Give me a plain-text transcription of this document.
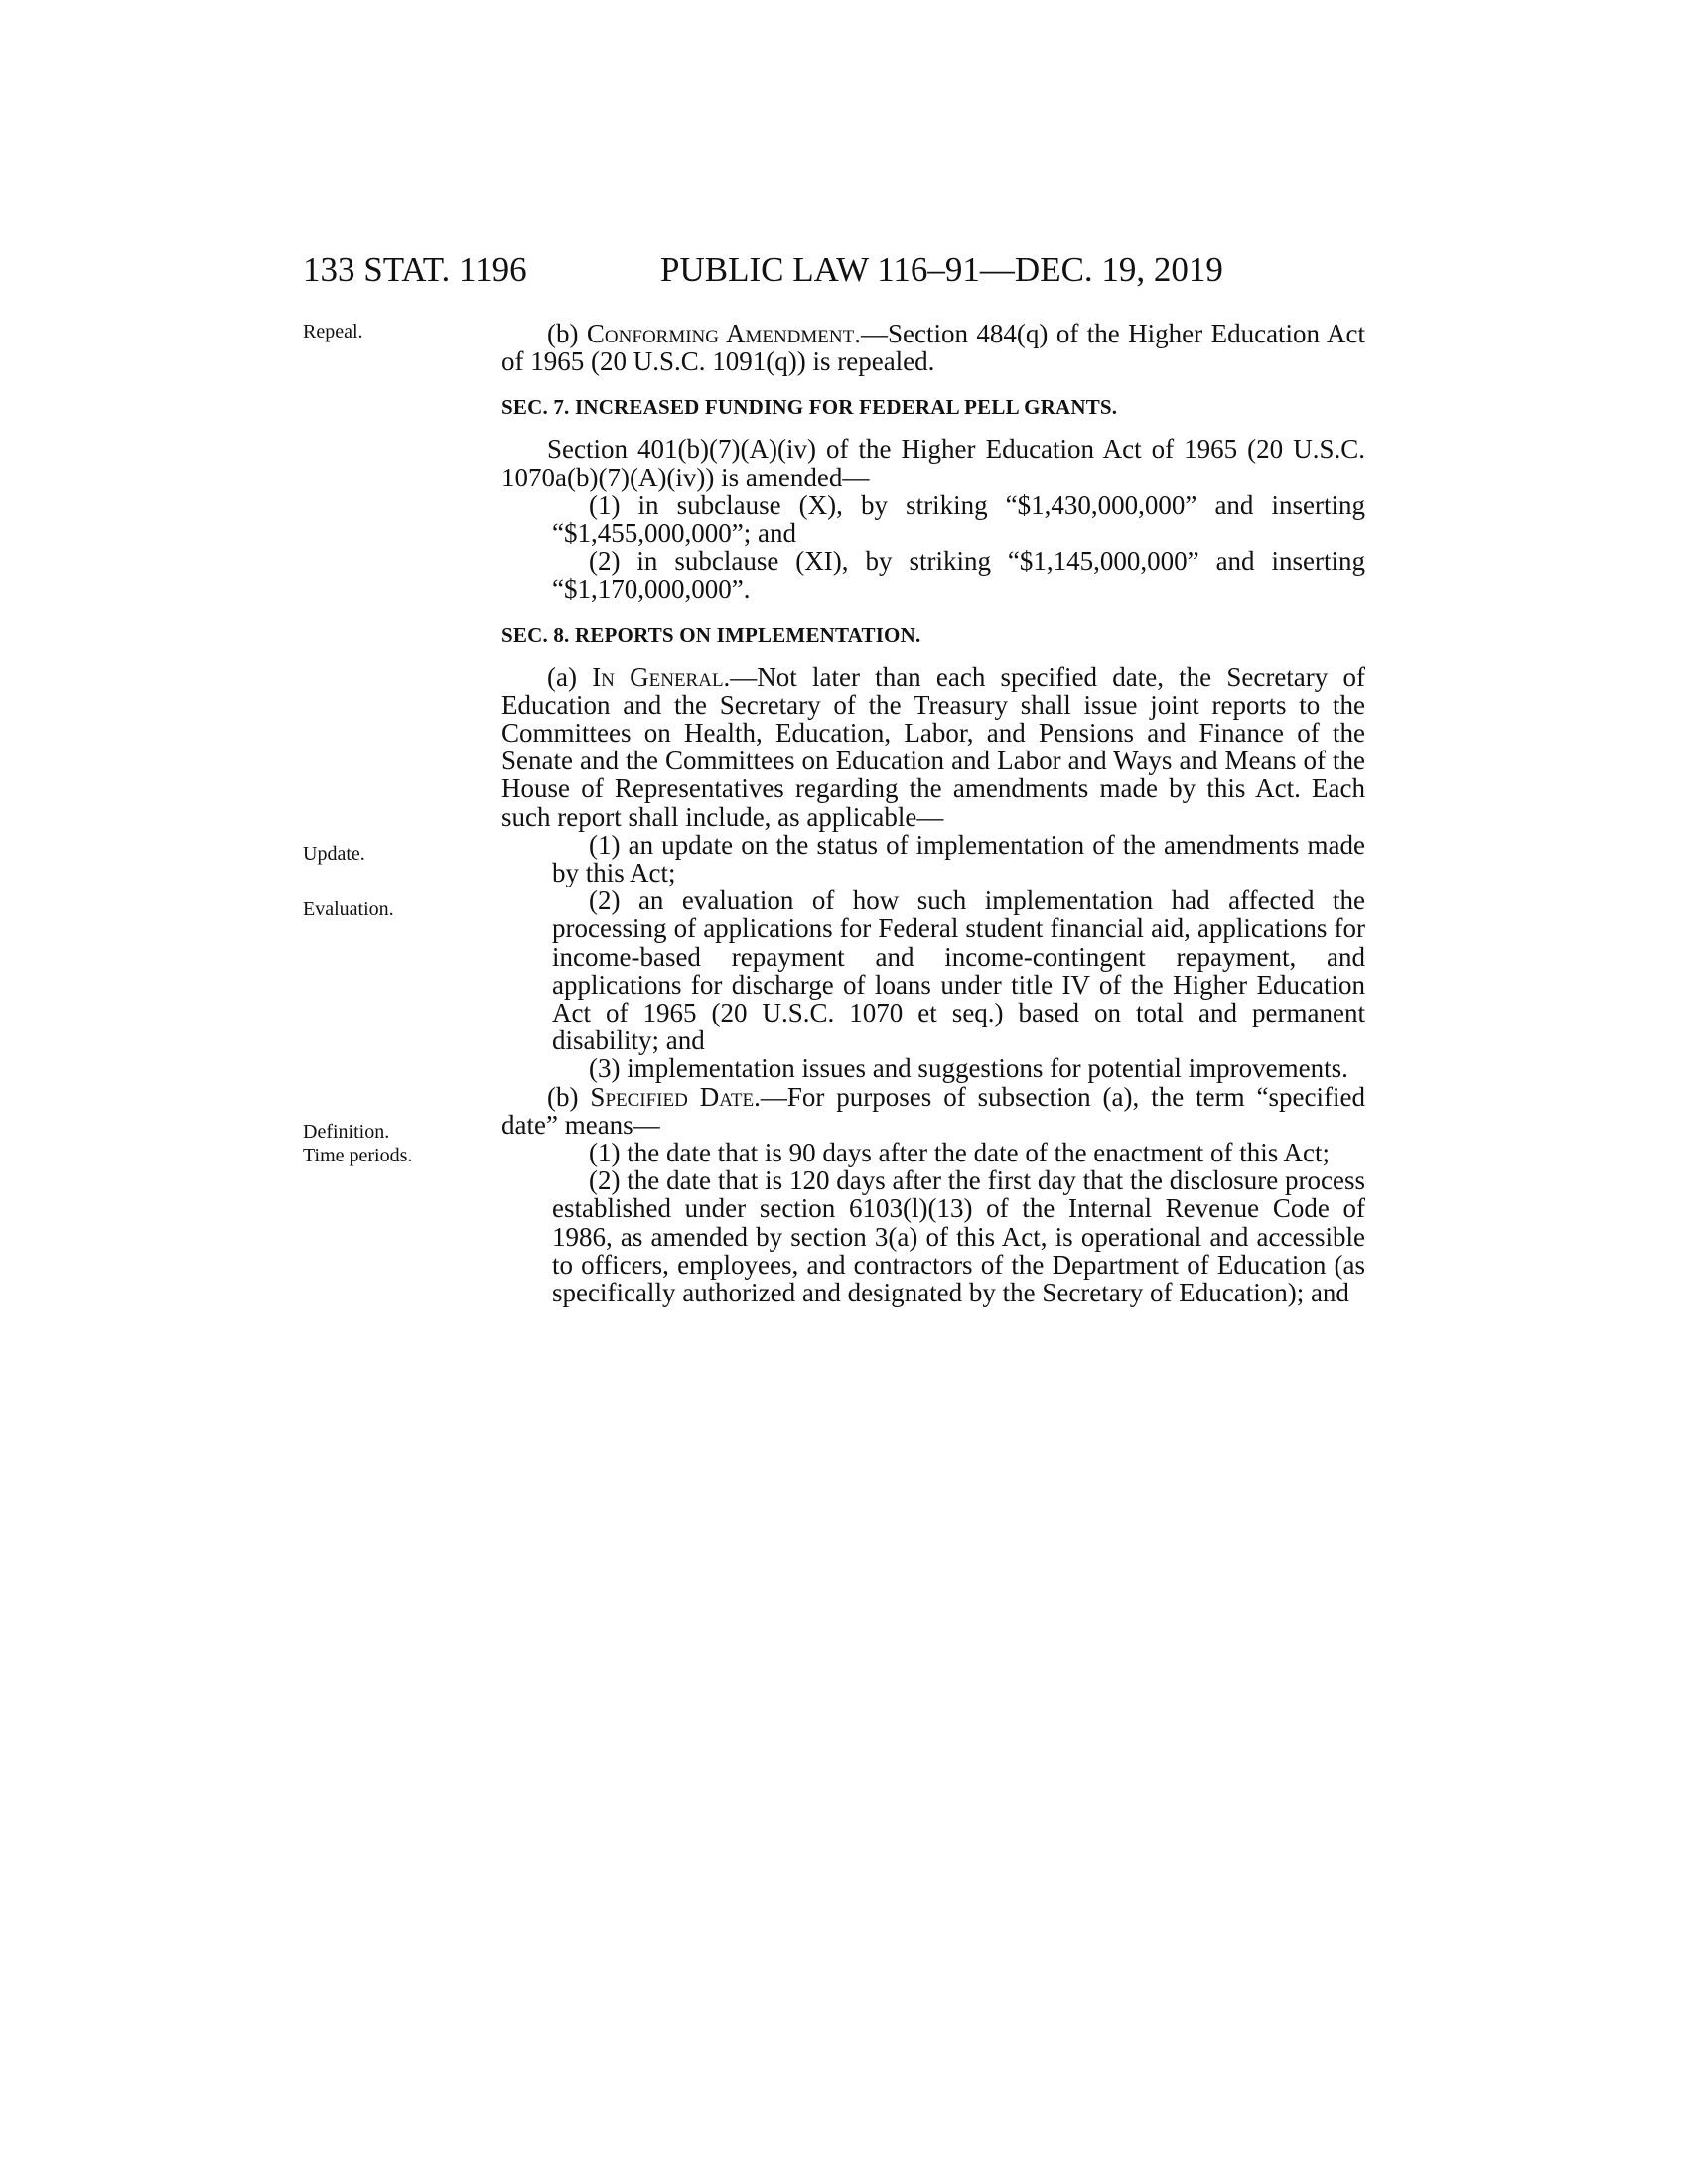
133 STAT. 1196	PUBLIC LAW 116–91—DEC. 19, 2019
Repeal.
Update.
Evaluation.
Definition.
Time periods.

(b) Conforming Amendment.—Section 484(q) of the Higher Education Act of 1965 (20 U.S.C. 1091(q)) is repealed.

SEC. 7. INCREASED FUNDING FOR FEDERAL PELL GRANTS.

Section 401(b)(7)(A)(iv) of the Higher Education Act of 1965 (20 U.S.C. 1070a(b)(7)(A)(iv)) is amended—

(1) in subclause (X), by striking “$1,430,000,000” and inserting “$1,455,000,000”; and

(2) in subclause (XI), by striking “$1,145,000,000” and inserting “$1,170,000,000”.

SEC. 8. REPORTS ON IMPLEMENTATION.

(a) In General.—Not later than each specified date, the Secretary of Education and the Secretary of the Treasury shall issue joint reports to the Committees on Health, Education, Labor, and Pensions and Finance of the Senate and the Committees on Education and Labor and Ways and Means of the House of Representatives regarding the amendments made by this Act. Each such report shall include, as applicable—

(1) an update on the status of implementation of the amendments made by this Act;

(2) an evaluation of how such implementation had affected the processing of applications for Federal student financial aid, applications for income-based repayment and income-contingent repayment, and applications for discharge of loans under title IV of the Higher Education Act of 1965 (20 U.S.C. 1070 et seq.) based on total and permanent disability; and

(3) implementation issues and suggestions for potential improvements.

(b) Specified Date.—For purposes of subsection (a), the term “specified date” means—

(1) the date that is 90 days after the date of the enactment of this Act;

(2) the date that is 120 days after the first day that the disclosure process established under section 6103(l)(13) of the Internal Revenue Code of 1986, as amended by section 3(a) of this Act, is operational and accessible to officers, employees, and contractors of the Department of Education (as specifically authorized and designated by the Secretary of Education); and
